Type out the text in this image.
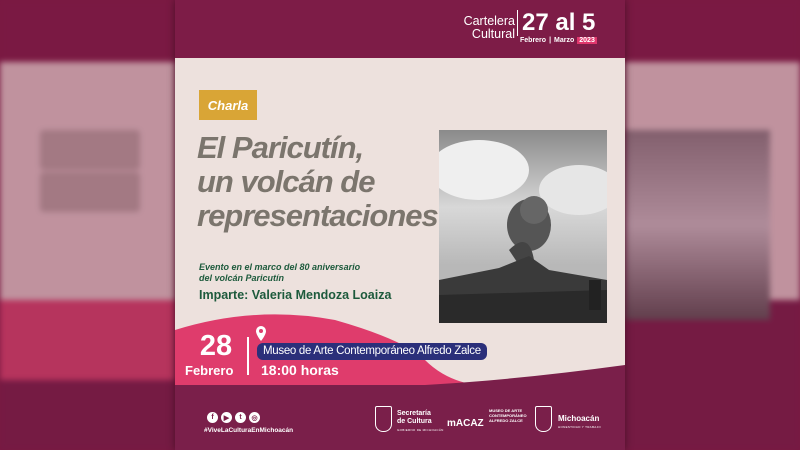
Cartelera
Cultural 27 al 5
Febrero | Marzo 2023
Charla
El Paricutín,
un volcán de
representaciones
Evento en el marco del 80 aniversario
del volcán Paricutín
Imparte: Valeria Mendoza Loaiza
28
Febrero
Museo de Arte Contemporáneo Alfredo Zalce
18:00 horas
f	▶	t	◎
#ViveLaCulturaEnMichoacán
Secretaría
de Cultura
GOBIERNO DE MICHOACÁN
mACAZ
MUSEO DE ARTE
CONTEMPORÁNEO
ALFREDO ZALCE	Michoacán
HONESTIDAD Y TRABAJO
